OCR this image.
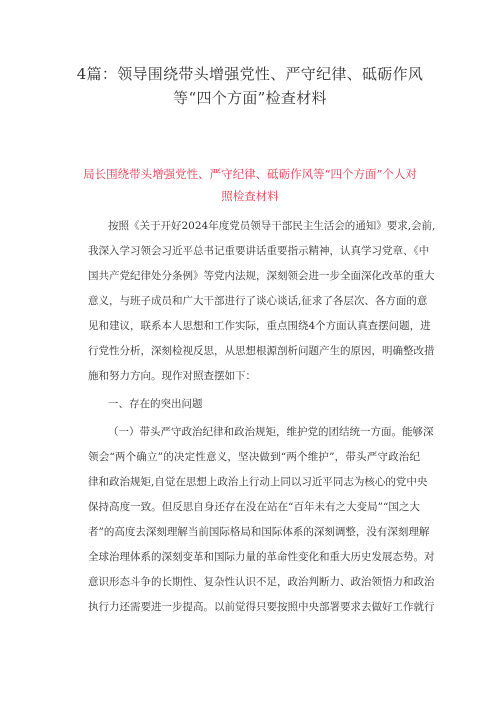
4篇：领导围绕带头增强党性、严守纪律、砥砺作风
等“四个方面”检查材料
局长围绕带头增强党性、严守纪律、砥砺作风等“四个方面”个人对
照检查材料
按照《关于开好2024年度党员领导干部民主生活会的通知》要求,会前,
我深入学习领会习近平总书记重要讲话重要指示精神，认真学习党章、《中
国共产党纪律处分条例》等党内法规，深刻领会进一步全面深化改革的重大
意义，与班子成员和广大干部进行了谈心谈话,征求了各层次、各方面的意
见和建议，联系本人思想和工作实际，重点围绕4个方面认真查摆问题，进
行党性分析，深刻检视反思，从思想根源剖析问题产生的原因，明确整改措
施和努力方向。现作对照查摆如下：
一、存在的突出问题
（一）带头严守政治纪律和政治规矩，维护党的团结统一方面。能够深
领会“两个确立”的决定性意义，坚决做到“两个维护”，带头严守政治纪
律和政治规矩,自觉在思想上政治上行动上同以习近平同志为核心的党中央
保持高度一致。但反思自身还存在没在站在“百年未有之大变局”“国之大
者”的高度去深刻理解当前国际格局和国际体系的深刻调整，没有深刻理解
全球治理体系的深刻变革和国际力量的革命性变化和重大历史发展态势。对
意识形态斗争的长期性、复杂性认识不足，政治判断力、政治领悟力和政治
执行力还需要进一步提高。以前觉得只要按照中央部署要求去做好工作就行
